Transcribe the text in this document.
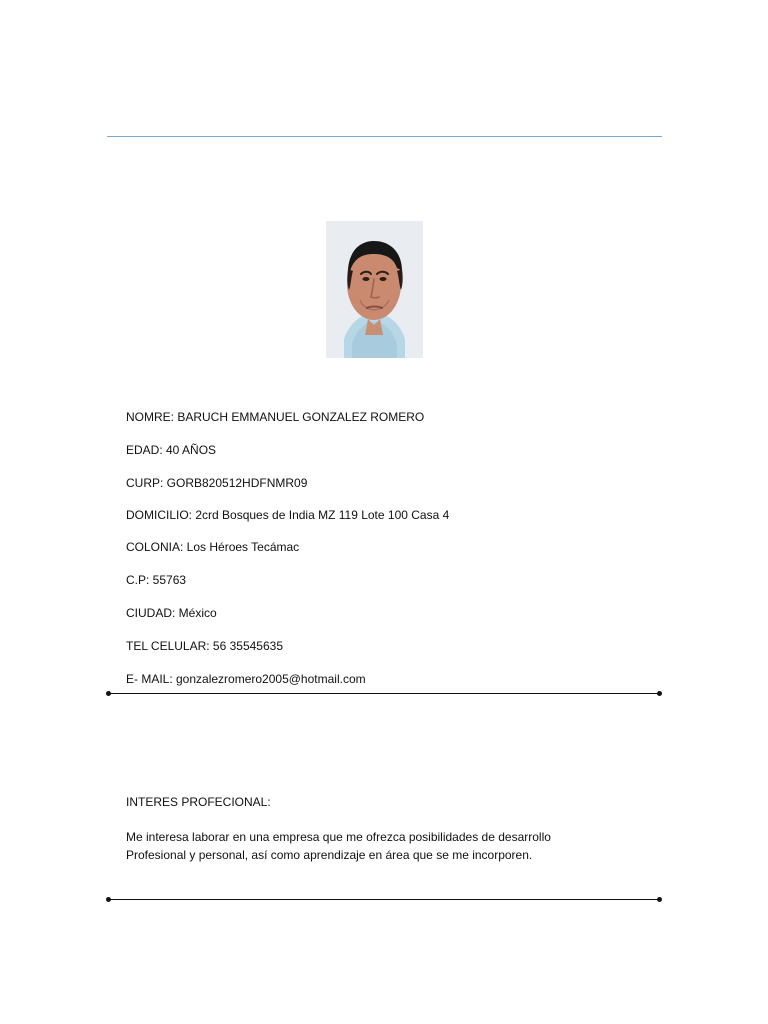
NOMRE: BARUCH EMMANUEL GONZALEZ ROMERO
EDAD: 40 AÑOS
CURP: GORB820512HDFNMR09
DOMICILIO: 2crd Bosques de India MZ 119 Lote 100 Casa 4
COLONIA: Los Héroes Tecámac
C.P: 55763
CIUDAD: México
TEL CELULAR: 56 35545635
E- MAIL: gonzalezromero2005@hotmail.com
INTERES PROFECIONAL:
Me interesa laborar en una empresa que me ofrezca posibilidades de desarrollo
Profesional y personal, así como aprendizaje en área que se me incorporen.
